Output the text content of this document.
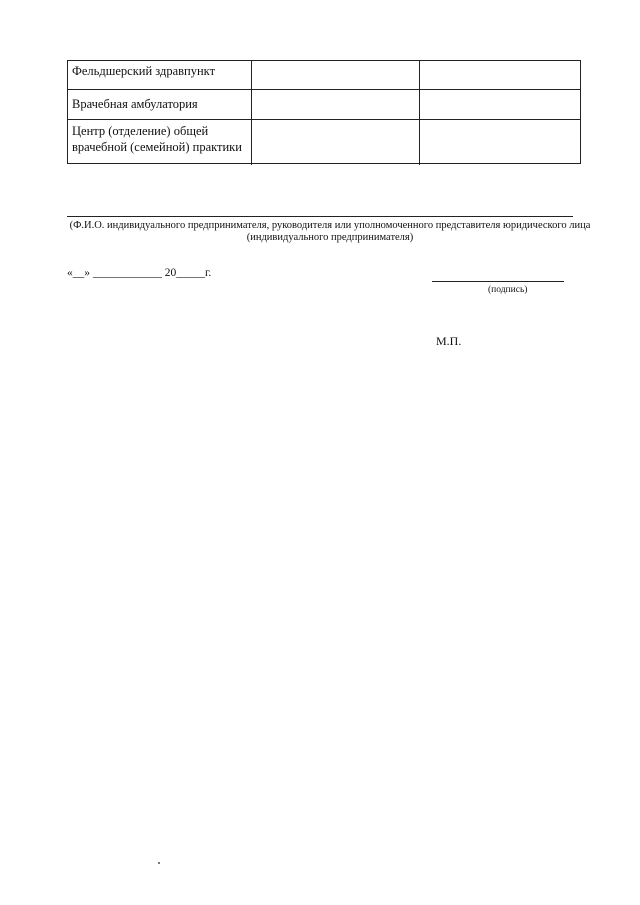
Фельдшерский здравпункт
Врачебная амбулатория
Центр (отделение) общей врачебной (семейной) практики
(Ф.И.О. индивидуального предпринимателя, руководителя или уполномоченного представителя юридического лица
(индивидуального предпринимателя)
«__» ____________ 20_____г.
(подпись)
М.П.
